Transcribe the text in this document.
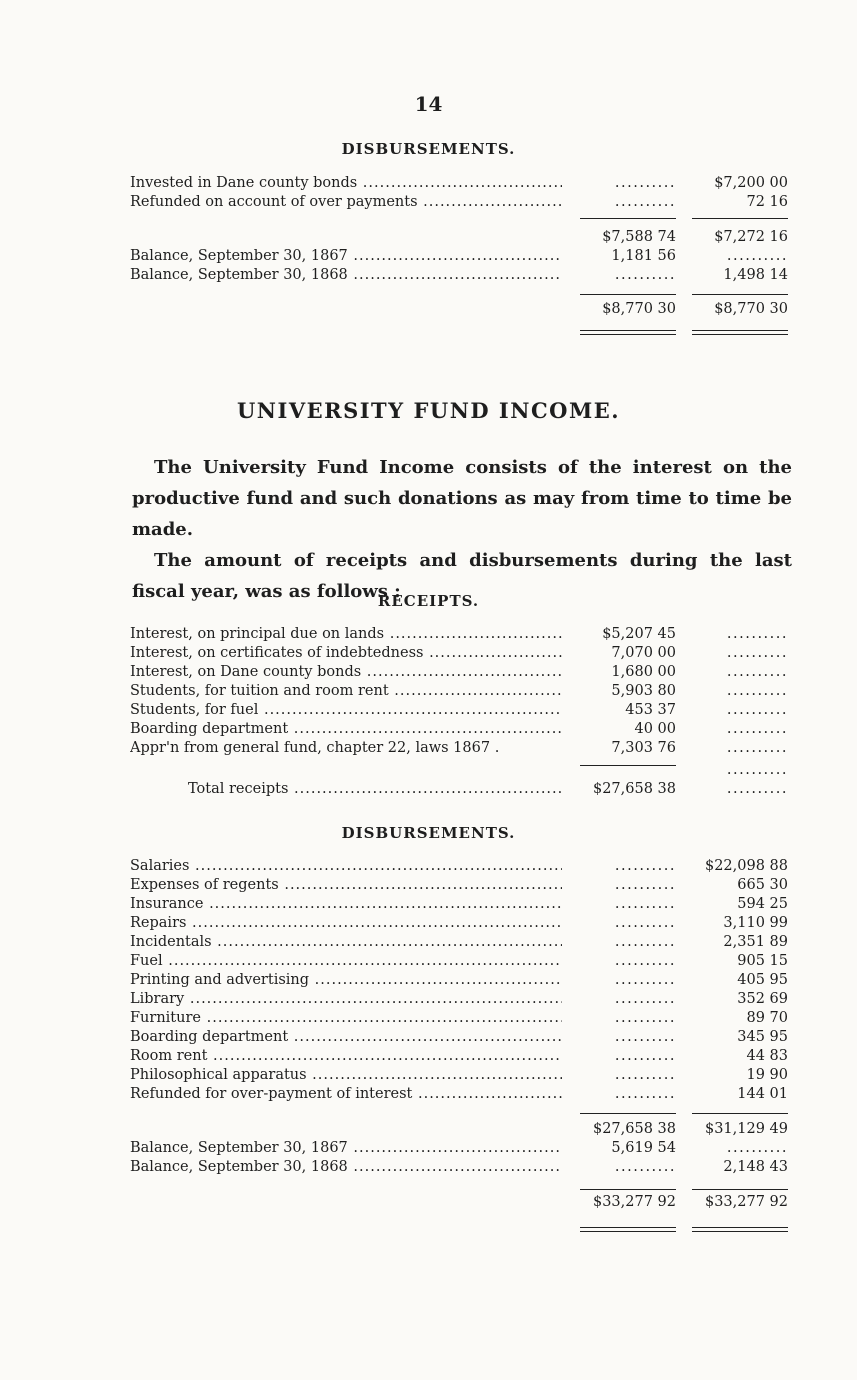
14
DISBURSEMENTS.
Invested in Dane county bonds .....	..........	$7,200 00
Refunded on account of over payments .....	..........	72 16
$7,588 74	$7,272 16
Balance, September 30, 1867 .....	1,181 56	..........
Balance, September 30, 1868 .....	..........	1,498 14
$8,770 30	$8,770 30
UNIVERSITY FUND INCOME.

The University Fund Income consists of the interest on the productive fund and such donations as may from time to time be made.

The amount of receipts and disbursements during the last fiscal year, was as follows :

RECEIPTS.
Interest, on principal due on lands .....	$5,207 45	..........
Interest, on certificates of indebtedness .....	7,070 00	..........
Interest, on Dane county bonds .....	1,680 00	..........
Students, for tuition and room rent .....	5,903 80	..........
Students, for fuel .....	453 37	..........
Boarding department .....	40 00	..........
Appr'n from general fund, chapter 22, laws 1867 .	7,303 76	..........
..........
Total receipts .....	$27,658 38	..........
DISBURSEMENTS.
Salaries .....	..........	$22,098 88
Expenses of regents .....	..........	665 30
Insurance .....	..........	594 25
Repairs .....	..........	3,110 99
Incidentals .....	..........	2,351 89
Fuel .....	..........	905 15
Printing and advertising .....	..........	405 95
Library .....	..........	352 69
Furniture .....	..........	89 70
Boarding department .....	..........	345 95
Room rent .....	..........	44 83
Philosophical apparatus .....	..........	19 90
Refunded for over-payment of interest .....	..........	144 01
$27,658 38	$31,129 49
Balance, September 30, 1867 .....	5,619 54	..........
Balance, September 30, 1868 .....	..........	2,148 43
$33,277 92	$33,277 92
